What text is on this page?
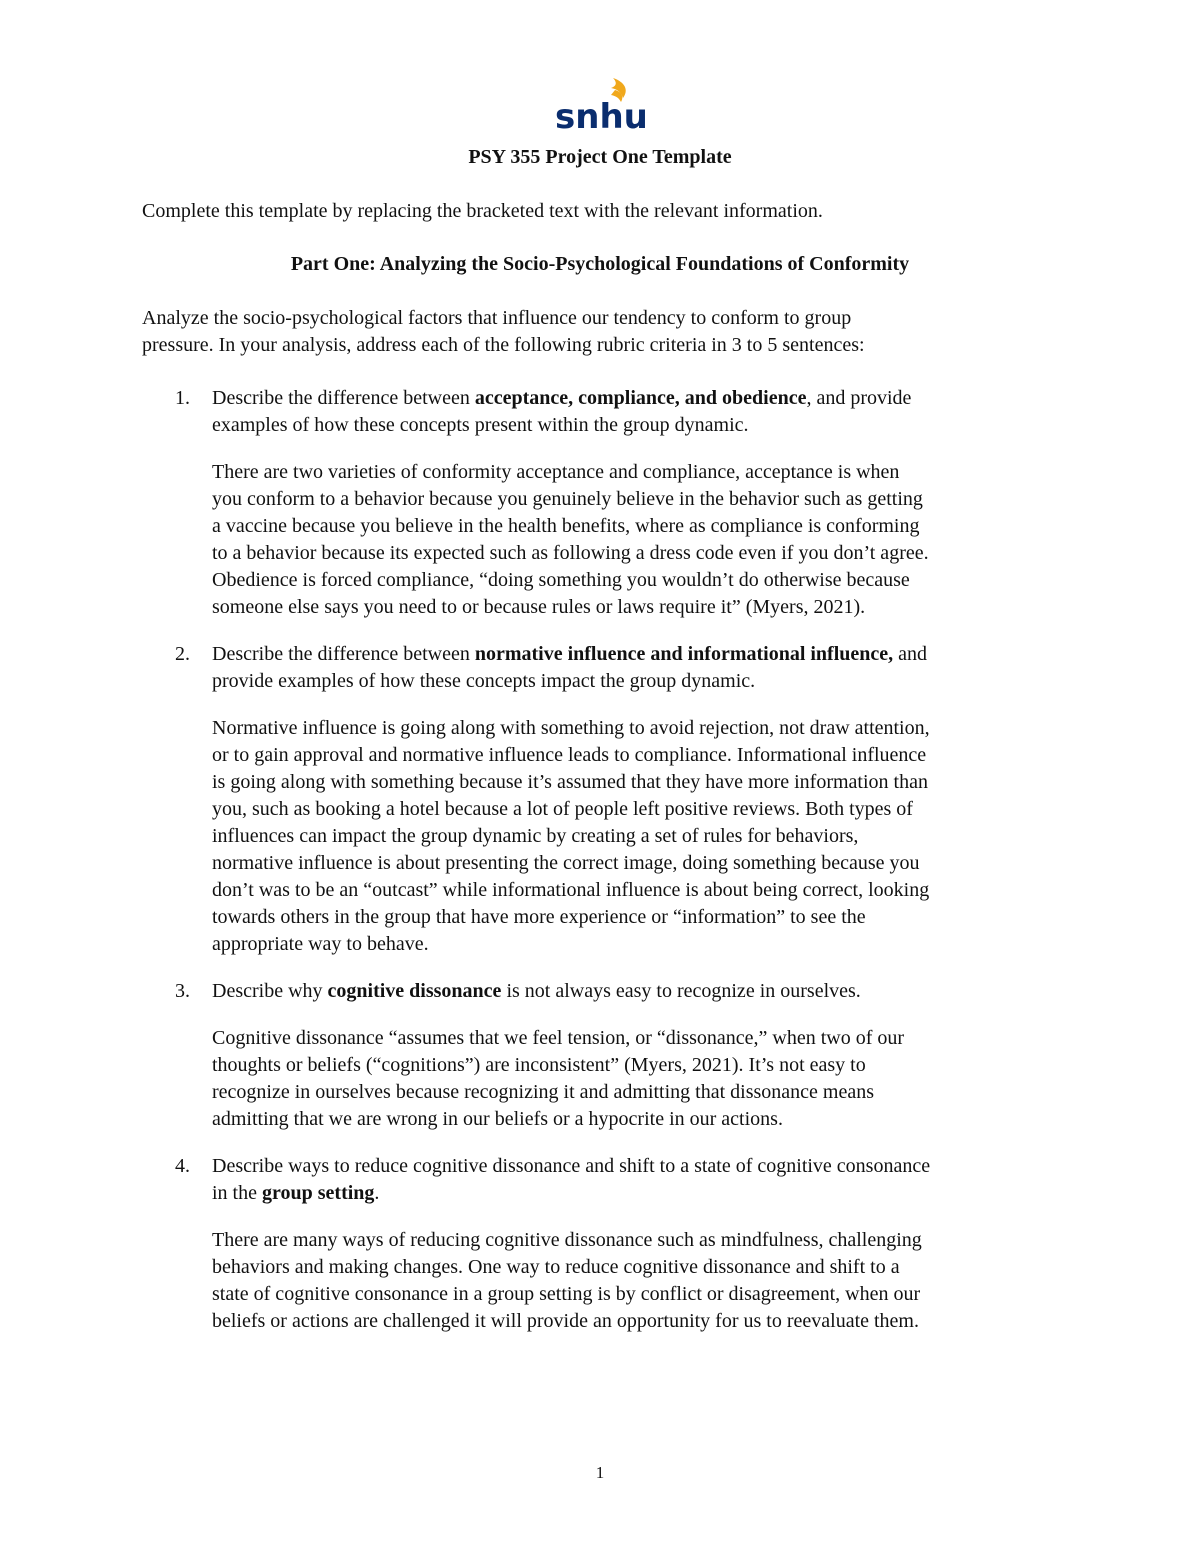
snhu
PSY 355 Project One Template
Complete this template by replacing the bracketed text with the relevant information.
Part One: Analyzing the Socio-Psychological Foundations of Conformity
Analyze the socio-psychological factors that influence our tendency to conform to group
pressure. In your analysis, address each of the following rubric criteria in 3 to 5 sentences:
1. Describe the difference between acceptance, compliance, and obedience, and provide
examples of how these concepts present within the group dynamic.
There are two varieties of conformity acceptance and compliance, acceptance is when
you conform to a behavior because you genuinely believe in the behavior such as getting
a vaccine because you believe in the health benefits, where as compliance is conforming
to a behavior because its expected such as following a dress code even if you don’t agree.
Obedience is forced compliance, “doing something you wouldn’t do otherwise because
someone else says you need to or because rules or laws require it” (Myers, 2021).
2. Describe the difference between normative influence and informational influence, and
provide examples of how these concepts impact the group dynamic.
Normative influence is going along with something to avoid rejection, not draw attention,
or to gain approval and normative influence leads to compliance. Informational influence
is going along with something because it’s assumed that they have more information than
you, such as booking a hotel because a lot of people left positive reviews. Both types of
influences can impact the group dynamic by creating a set of rules for behaviors,
normative influence is about presenting the correct image, doing something because you
don’t was to be an “outcast” while informational influence is about being correct, looking
towards others in the group that have more experience or “information” to see the
appropriate way to behave.
3. Describe why cognitive dissonance is not always easy to recognize in ourselves.
Cognitive dissonance “assumes that we feel tension, or “dissonance,” when two of our
thoughts or beliefs (“cognitions”) are inconsistent” (Myers, 2021). It’s not easy to
recognize in ourselves because recognizing it and admitting that dissonance means
admitting that we are wrong in our beliefs or a hypocrite in our actions.
4. Describe ways to reduce cognitive dissonance and shift to a state of cognitive consonance
in the group setting.
There are many ways of reducing cognitive dissonance such as mindfulness, challenging
behaviors and making changes. One way to reduce cognitive dissonance and shift to a
state of cognitive consonance in a group setting is by conflict or disagreement, when our
beliefs or actions are challenged it will provide an opportunity for us to reevaluate them.
1
